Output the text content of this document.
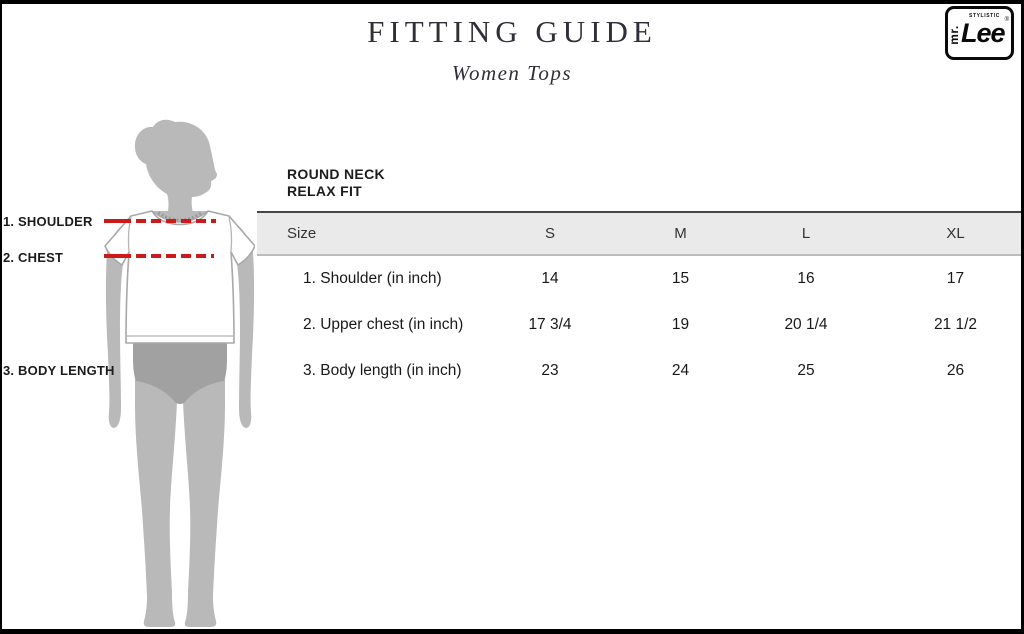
FITTING GUIDE
Women Tops
mr.
STYLISTIC
Lee ®
1. SHOULDER
2. CHEST
3. BODY LENGTH
ROUND NECK
RELAX FIT
Size	S	M	L	XL
1. Shoulder (in inch)	14	15	16	17
2. Upper chest (in inch)	17 3/4	19	20 1/4	21 1/2
3. Body length (in inch)	23	24	25	26
